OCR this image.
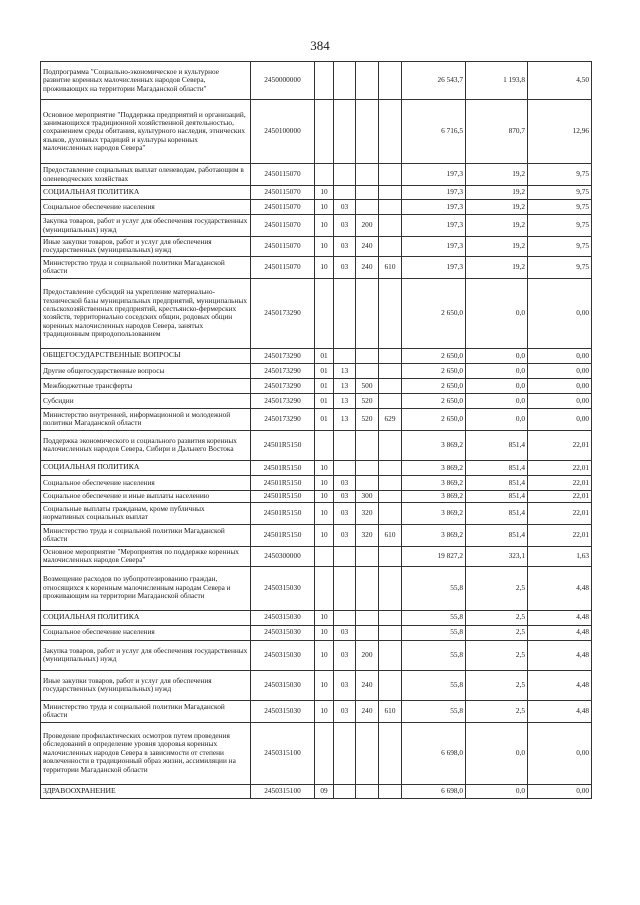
384
Подпрограмма "Социально-экономическое и культурное развитие коренных малочисленных народов Севера, проживающих на территории Магаданской области"	2450000000					26 543,7	1 193,8	4,50
Основное мероприятие "Поддержка предприятий и организаций, занимающихся традиционной хозяйственной деятельностью, сохранением среды обитания, культурного наследия, этнических языков, духовных традиций и культуры коренных малочисленных народов Севера"	2450100000					6 716,5	870,7	12,96
Предоставление социальных выплат оленеводам, работающим в оленеводческих хозяйствах	2450115070					197,3	19,2	9,75
СОЦИАЛЬНАЯ ПОЛИТИКА	2450115070	10				197,3	19,2	9,75
Социальное обеспечение населения	2450115070	10	03			197,3	19,2	9,75
Закупка товаров, работ и услуг для обеспечения государственных (муниципальных) нужд	2450115070	10	03	200		197,3	19,2	9,75
Иные закупки товаров, работ и услуг для обеспечения государственных (муниципальных) нужд	2450115070	10	03	240		197,3	19,2	9,75
Министерство труда и социальной политики Магаданской области	2450115070	10	03	240	610	197,3	19,2	9,75
Предоставление субсидий на укрепление материально-технической базы муниципальных предприятий, муниципальных сельскохозяйственных предприятий, крестьянско-фермерских хозяйств, территориально соседских общин, родовых общин коренных малочисленных народов Севера, занятых традиционным природопользованием	2450173290					2 650,0	0,0	0,00
ОБЩЕГОСУДАРСТВЕННЫЕ ВОПРОСЫ	2450173290	01				2 650,0	0,0	0,00
Другие общегосударственные вопросы	2450173290	01	13			2 650,0	0,0	0,00
Межбюджетные трансферты	2450173290	01	13	500		2 650,0	0,0	0,00
Субсидии	2450173290	01	13	520		2 650,0	0,0	0,00
Министерство внутренней, информационной и молодежной политики Магаданской области	2450173290	01	13	520	629	2 650,0	0,0	0,00
Поддержка экономического и социального развития коренных малочисленных народов Севера, Сибири и Дальнего Востока	24501R5150					3 869,2	851,4	22,01
СОЦИАЛЬНАЯ ПОЛИТИКА	24501R5150	10				3 869,2	851,4	22,01
Социальное обеспечение населения	24501R5150	10	03			3 869,2	851,4	22,01
Социальное обеспечение и иные выплаты населению	24501R5150	10	03	300		3 869,2	851,4	22,01
Социальные выплаты гражданам, кроме публичных нормативных социальных выплат	24501R5150	10	03	320		3 869,2	851,4	22,01
Министерство труда и социальной политики Магаданской области	24501R5150	10	03	320	610	3 869,2	851,4	22,01
Основное мероприятие "Мероприятия по поддержке коренных малочисленных народов Севера"	2450300000					19 827,2	323,1	1,63
Возмещение расходов по зубопротезированию граждан, относящихся к коренным малочисленным народам Севера и проживающим на территории Магаданской области	2450315030					55,8	2,5	4,48
СОЦИАЛЬНАЯ ПОЛИТИКА	2450315030	10				55,8	2,5	4,48
Социальное обеспечение населения	2450315030	10	03			55,8	2,5	4,48
Закупка товаров, работ и услуг для обеспечения государственных (муниципальных) нужд	2450315030	10	03	200		55,8	2,5	4,48
Иные закупки товаров, работ и услуг для обеспечения государственных (муниципальных) нужд	2450315030	10	03	240		55,8	2,5	4,48
Министерство труда и социальной политики Магаданской области	2450315030	10	03	240	610	55,8	2,5	4,48
Проведение профилактических осмотров путем проведения обследований в определение уровня здоровья коренных малочисленных народов Севера в зависимости от степени вовлеченности в традиционный образ жизни, ассимиляции на территории Магаданской области	2450315100					6 698,0	0,0	0,00
ЗДРАВООХРАНЕНИЕ	2450315100	09				6 698,0	0,0	0,00
